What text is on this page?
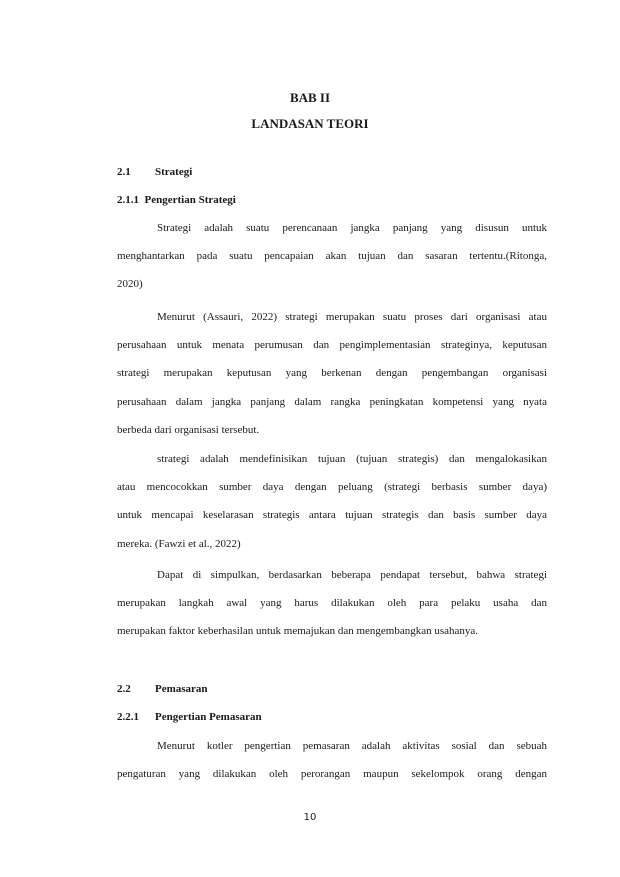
BAB II
LANDASAN TEORI
2.1 Strategi
2.1.1 Pengertian Strategi
Strategi adalah suatu perencanaan jangka panjang yang disusun untuk
menghantarkan pada suatu pencapaian akan tujuan dan sasaran tertentu.(Ritonga,
2020)
Menurut (Assauri, 2022) strategi merupakan suatu proses dari organisasi atau
perusahaan untuk menata perumusan dan pengimplementasian strateginya, keputusan
strategi merupakan keputusan yang berkenan dengan pengembangan organisasi
perusahaan dalam jangka panjang dalam rangka peningkatan kompetensi yang nyata
berbeda dari organisasi tersebut.
strategi adalah mendefinisikan tujuan (tujuan strategis) dan mengalokasikan
atau mencocokkan sumber daya dengan peluang (strategi berbasis sumber daya)
untuk mencapai keselarasan strategis antara tujuan strategis dan basis sumber daya
mereka. (Fawzi et al., 2022)
Dapat di simpulkan, berdasarkan beberapa pendapat tersebut, bahwa strategi
merupakan langkah awal yang harus dilakukan oleh para pelaku usaha dan
merupakan faktor keberhasilan untuk memajukan dan mengembangkan usahanya.
2.2 Pemasaran
2.2.1 Pengertian Pemasaran
Menurut kotler pengertian pemasaran adalah aktivitas sosial dan sebuah
pengaturan yang dilakukan oleh perorangan maupun sekelompok orang dengan
10
